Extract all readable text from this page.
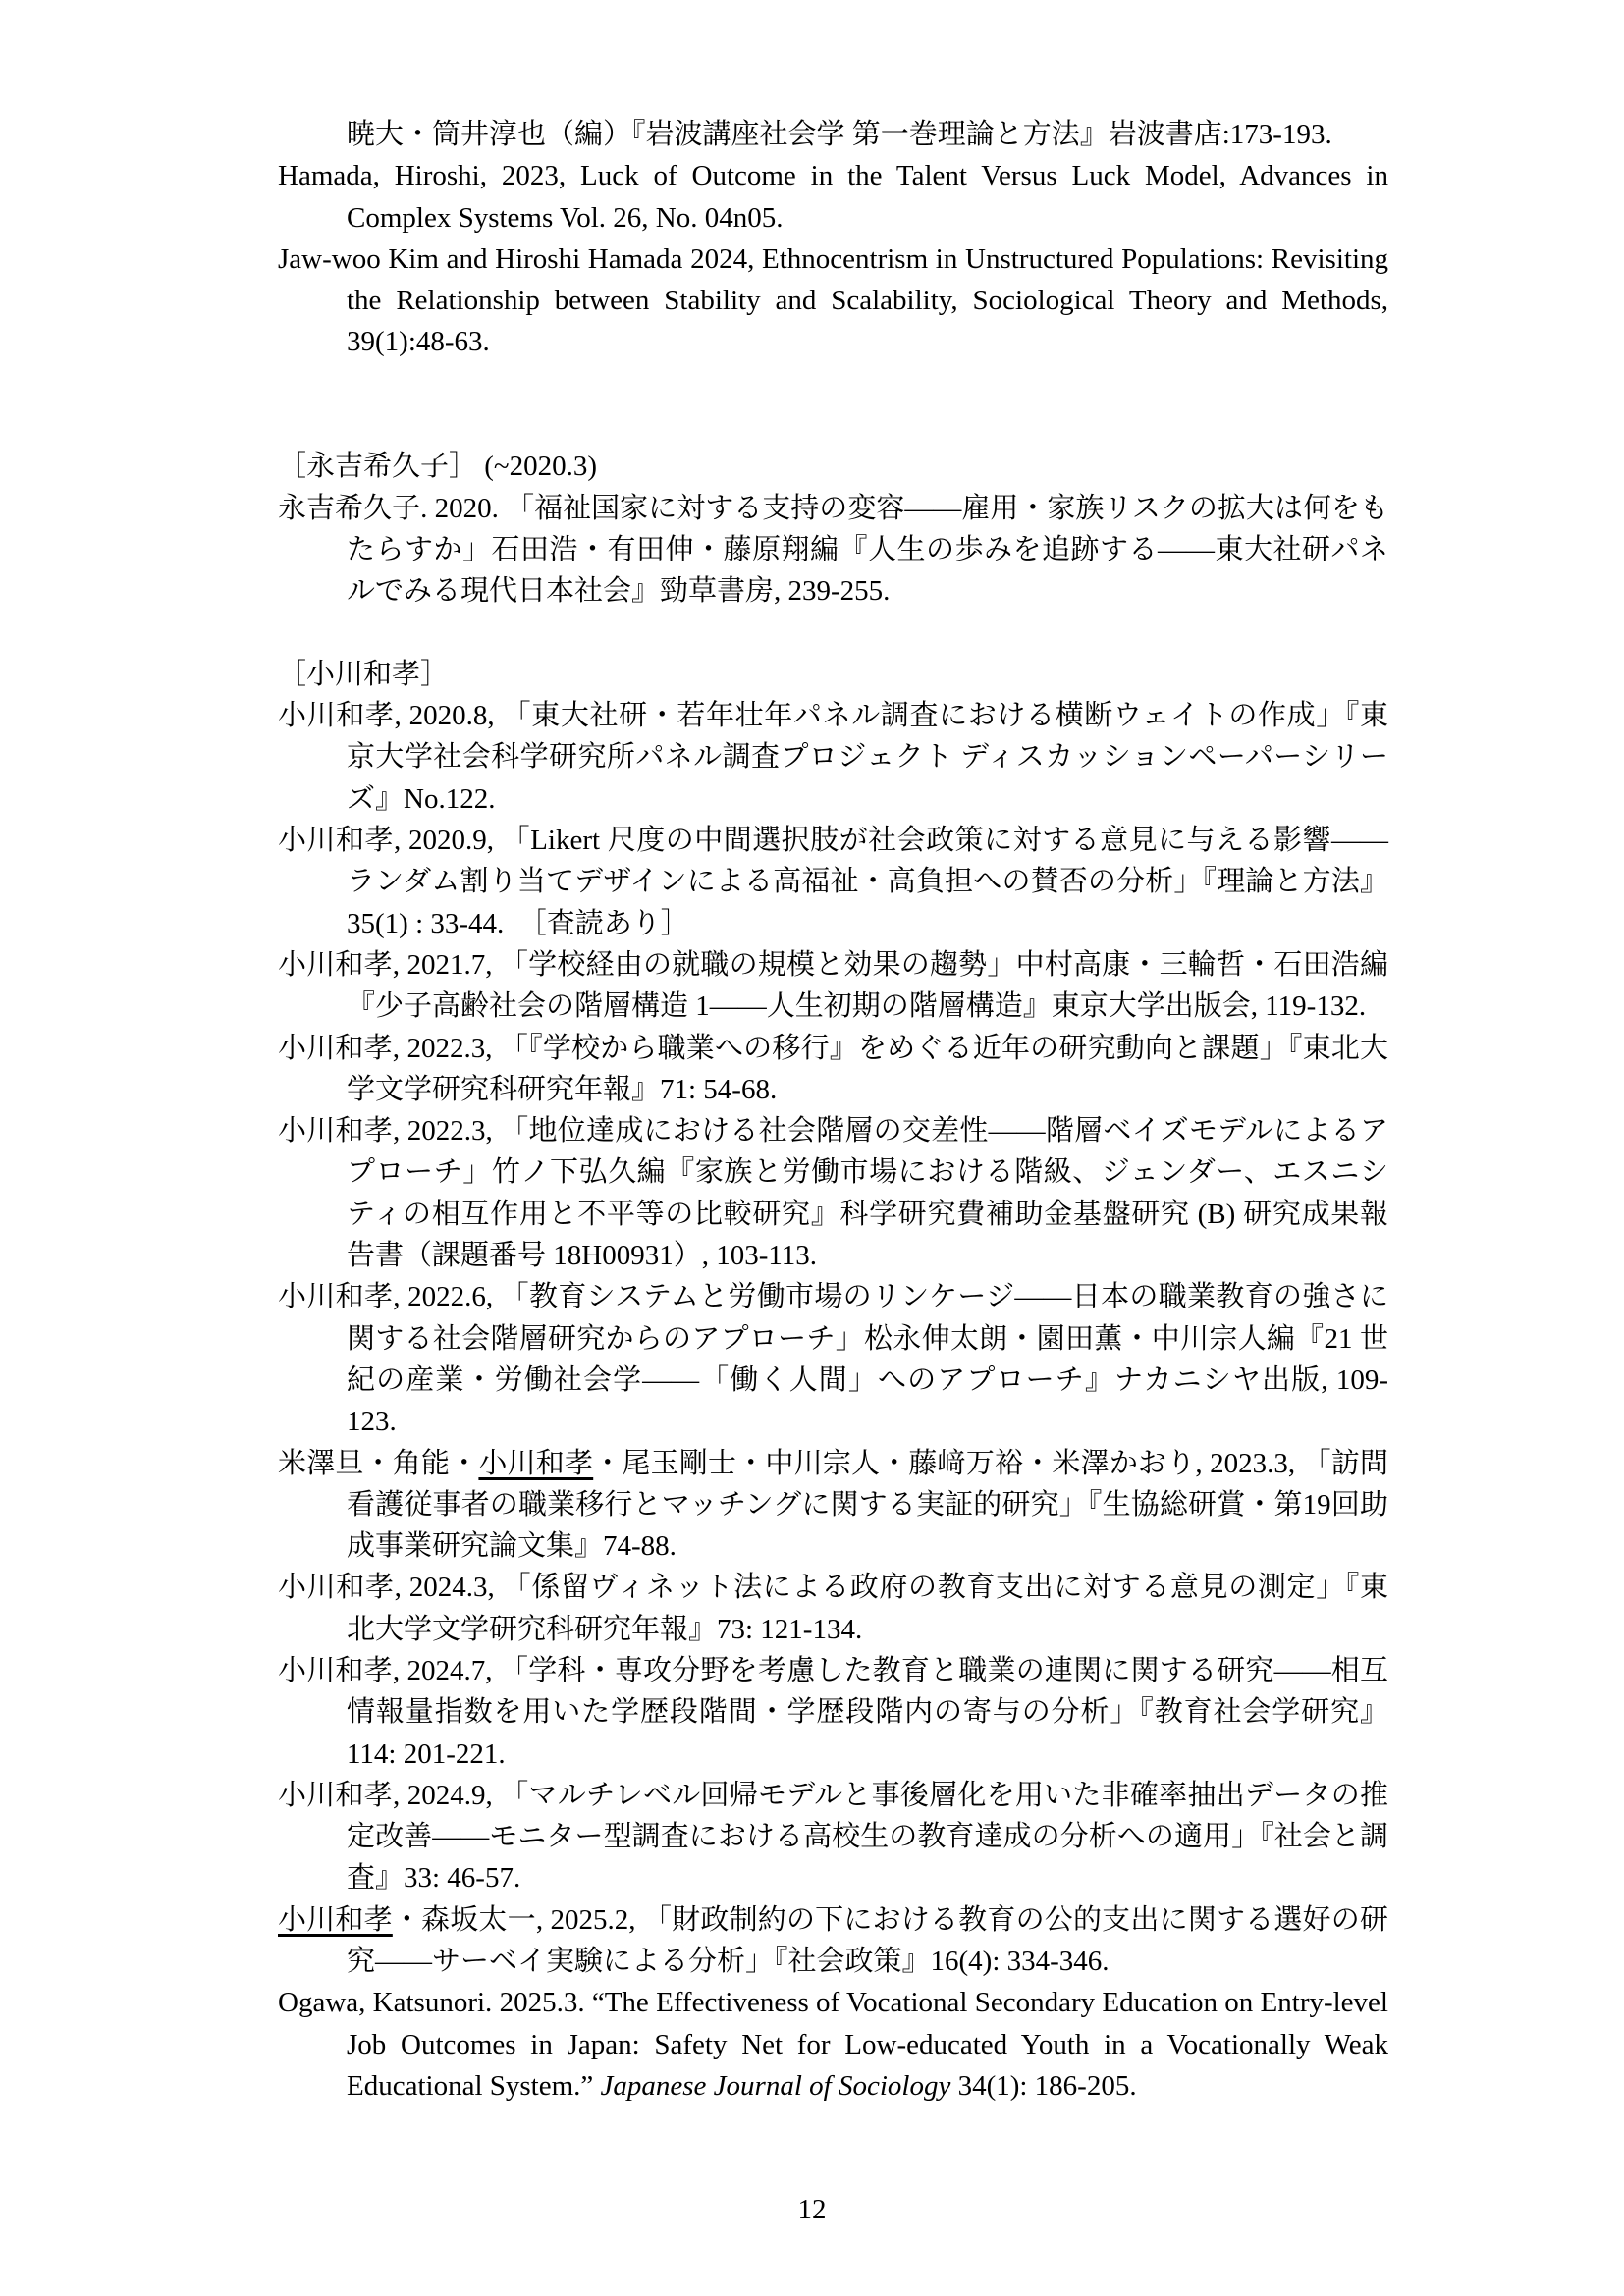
暁大・筒井淳也（編）『岩波講座社会学 第一巻理論と方法』岩波書店:173-193.

Hamada, Hiroshi, 2023, Luck of Outcome in the Talent Versus Luck Model, Advances in Complex Systems Vol. 26, No. 04n05.

Jaw-woo Kim and Hiroshi Hamada 2024, Ethnocentrism in Unstructured Populations: Revisiting the Relationship between Stability and Scalability, Sociological Theory and Methods, 39(1):48-63.

［永吉希久子］ (~2020.3)

永吉希久子. 2020. 「福祉国家に対する支持の変容――雇用・家族リスクの拡大は何をもたらすか」石田浩・有田伸・藤原翔編『人生の歩みを追跡する――東大社研パネルでみる現代日本社会』勁草書房, 239-255.

［小川和孝］

小川和孝, 2020.8, 「東大社研・若年壮年パネル調査における横断ウェイトの作成」『東京大学社会科学研究所パネル調査プロジェクト ディスカッションペーパーシリーズ』No.122.

小川和孝, 2020.9, 「Likert 尺度の中間選択肢が社会政策に対する意見に与える影響――ランダム割り当てデザインによる高福祉・高負担への賛否の分析」『理論と方法』35(1) : 33-44.　［査読あり］

小川和孝, 2021.7, 「学校経由の就職の規模と効果の趨勢」中村高康・三輪哲・石田浩編『少子高齢社会の階層構造 1――人生初期の階層構造』東京大学出版会, 119-132.

小川和孝, 2022.3, 「『学校から職業への移行』をめぐる近年の研究動向と課題」『東北大学文学研究科研究年報』71: 54-68.

小川和孝, 2022.3, 「地位達成における社会階層の交差性――階層ベイズモデルによるアプローチ」竹ノ下弘久編『家族と労働市場における階級、ジェンダー、エスニシティの相互作用と不平等の比較研究』科学研究費補助金基盤研究 (B) 研究成果報告書（課題番号 18H00931）, 103-113.

小川和孝, 2022.6, 「教育システムと労働市場のリンケージ――日本の職業教育の強さに関する社会階層研究からのアプローチ」松永伸太朗・園田薫・中川宗人編『21 世紀の産業・労働社会学――「働く人間」へのアプローチ』ナカニシヤ出版, 109-123.

米澤旦・角能・小川和孝・尾玉剛士・中川宗人・藤﨑万裕・米澤かおり, 2023.3, 「訪問看護従事者の職業移行とマッチングに関する実証的研究」『生協総研賞・第19回助成事業研究論文集』74-88.

小川和孝, 2024.3, 「係留ヴィネット法による政府の教育支出に対する意見の測定」『東北大学文学研究科研究年報』73: 121-134.

小川和孝, 2024.7, 「学科・専攻分野を考慮した教育と職業の連関に関する研究――相互情報量指数を用いた学歴段階間・学歴段階内の寄与の分析」『教育社会学研究』114: 201-221.

小川和孝, 2024.9, 「マルチレベル回帰モデルと事後層化を用いた非確率抽出データの推定改善――モニター型調査における高校生の教育達成の分析への適用」『社会と調査』33: 46-57.

小川和孝・森坂太一, 2025.2, 「財政制約の下における教育の公的支出に関する選好の研究――サーベイ実験による分析」『社会政策』16(4): 334-346.

Ogawa, Katsunori. 2025.3. “The Effectiveness of Vocational Secondary Education on Entry-level Job Outcomes in Japan: Safety Net for Low-educated Youth in a Vocationally Weak Educational System.” Japanese Journal of Sociology 34(1): 186-205.

12
